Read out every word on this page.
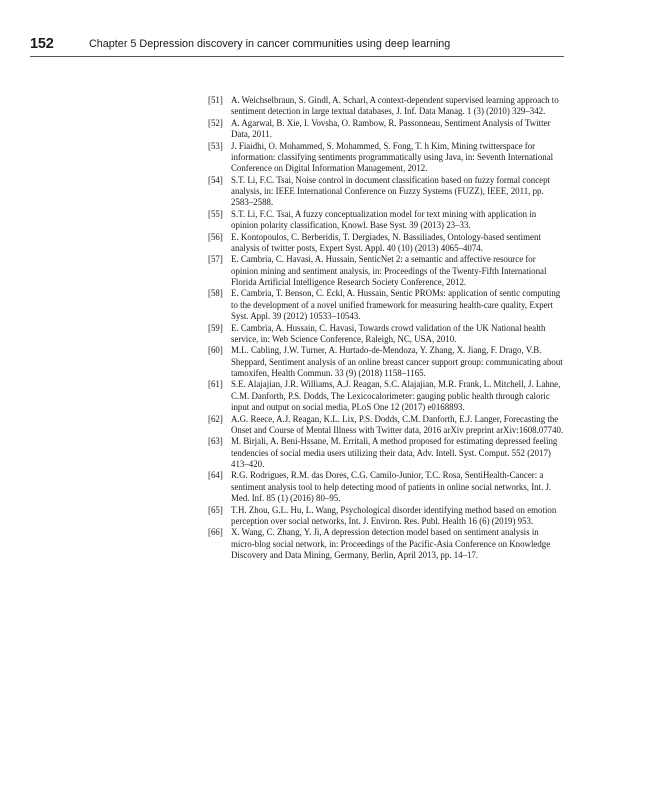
152	Chapter 5 Depression discovery in cancer communities using deep learning
[51] A. Weichselbraun, S. Gindl, A. Scharl, A context-dependent supervised learning approach to sentiment detection in large textual databases, J. Inf. Data Manag. 1 (3) (2010) 329–342.
[52] A. Agarwal, B. Xie, I. Vovsha, O. Rambow, R. Passonneau, Sentiment Analysis of Twitter Data, 2011.
[53] J. Fiaidhi, O. Mohammed, S. Mohammed, S. Fong, T. h Kim, Mining twitterspace for information: classifying sentiments programmatically using Java, in: Seventh International Conference on Digital Information Management, 2012.
[54] S.T. Li, F.C. Tsai, Noise control in document classification based on fuzzy formal concept analysis, in: IEEE International Conference on Fuzzy Systems (FUZZ), IEEE, 2011, pp. 2583–2588.
[55] S.T. Li, F.C. Tsai, A fuzzy conceptualization model for text mining with application in opinion polarity classification, Knowl. Base Syst. 39 (2013) 23–33.
[56] E. Kontopoulos, C. Berberidis, T. Dergiades, N. Bassiliades, Ontology-based sentiment analysis of twitter posts, Expert Syst. Appl. 40 (10) (2013) 4065–4074.
[57] E. Cambria, C. Havasi, A. Hussain, SenticNet 2: a semantic and affective resource for opinion mining and sentiment analysis, in: Proceedings of the Twenty-Fifth International Florida Artificial Intelligence Research Society Conference, 2012.
[58] E. Cambria, T. Benson, C. Eckl, A. Hussain, Sentic PROMs: application of sentic computing to the development of a novel unified framework for measuring health-care quality, Expert Syst. Appl. 39 (2012) 10533–10543.
[59] E. Cambria, A. Hussain, C. Havasi, Towards crowd validation of the UK National health service, in: Web Science Conference, Raleigh, NC, USA, 2010.
[60] M.L. Cabling, J.W. Turner, A. Hurtado-de-Mendoza, Y. Zhang, X. Jiang, F. Drago, V.B. Sheppard, Sentiment analysis of an online breast cancer support group: communicating about tamoxifen, Health Commun. 33 (9) (2018) 1158–1165.
[61] S.E. Alajajian, J.R. Williams, A.J. Reagan, S.C. Alajajian, M.R. Frank, L. Mitchell, J. Lahne, C.M. Danforth, P.S. Dodds, The Lexicocalorimeter: gauging public health through caloric input and output on social media, PLoS One 12 (2017) e0168893.
[62] A.G. Reece, A.J. Reagan, K.L. Lix, P.S. Dodds, C.M. Danforth, E.J. Langer, Forecasting the Onset and Course of Mental Illness with Twitter data, 2016 arXiv preprint arXiv:1608.07740.
[63] M. Birjali, A. Beni-Hssane, M. Erritali, A method proposed for estimating depressed feeling tendencies of social media users utilizing their data, Adv. Intell. Syst. Comput. 552 (2017) 413–420.
[64] R.G. Rodrigues, R.M. das Dores, C.G. Camilo-Junior, T.C. Rosa, SentiHealth-Cancer: a sentiment analysis tool to help detecting mood of patients in online social networks, Int. J. Med. Inf. 85 (1) (2016) 80–95.
[65] T.H. Zhou, G.L. Hu, L. Wang, Psychological disorder identifying method based on emotion perception over social networks, Int. J. Environ. Res. Publ. Health 16 (6) (2019) 953.
[66] X. Wang, C. Zhang, Y. Ji, A depression detection model based on sentiment analysis in micro-blog social network, in: Proceedings of the Pacific-Asia Conference on Knowledge Discovery and Data Mining, Germany, Berlin, April 2013, pp. 14–17.
